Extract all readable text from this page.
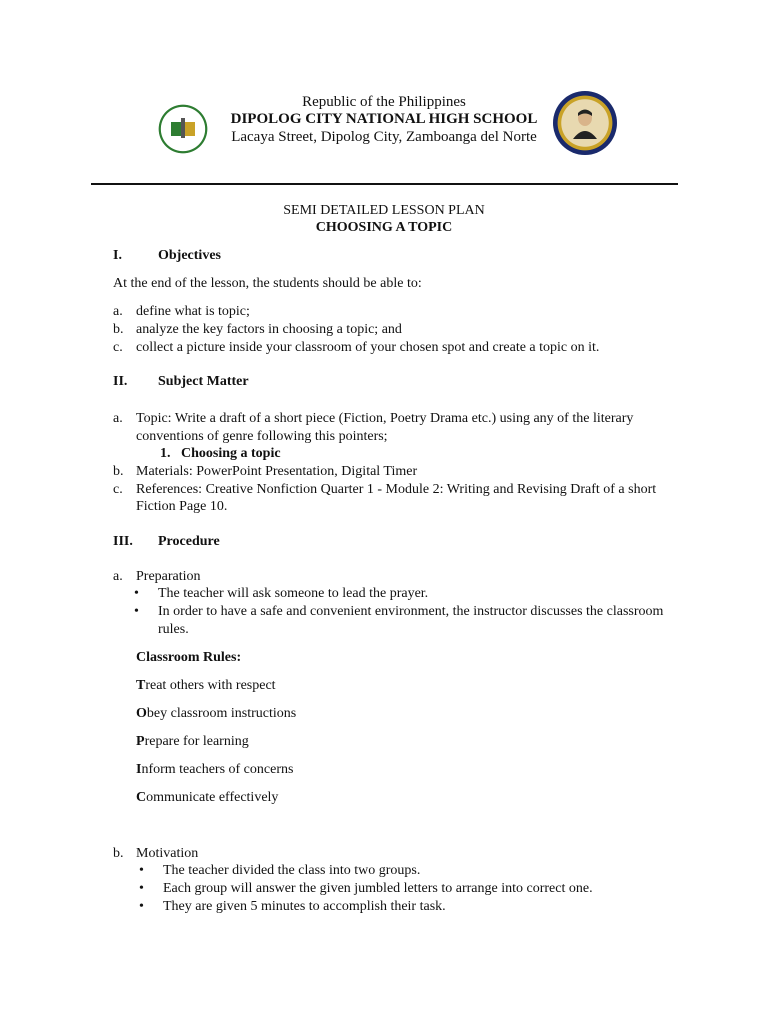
Republic of the Philippines
DIPOLOG CITY NATIONAL HIGH SCHOOL
Lacaya Street, Dipolog City, Zamboanga del Norte
SEMI DETAILED LESSON PLAN
CHOOSING A TOPIC
I.	Objectives
At the end of the lesson, the students should be able to:
a. define what is topic;
b. analyze the key factors in choosing a topic; and
c. collect a picture inside your classroom of your chosen spot and create a topic on it.
II. Subject Matter
a. Topic: Write a draft of a short piece (Fiction, Poetry Drama etc.) using any of the literary
conventions of genre following this pointers;
1. Choosing a topic
b. Materials: PowerPoint Presentation, Digital Timer
c. References: Creative Nonfiction Quarter 1 - Module 2: Writing and Revising Draft of a short
Fiction Page 10.
III. Procedure
a. Preparation
• The teacher will ask someone to lead the prayer.
• In order to have a safe and convenient environment, the instructor discusses the classroom
rules.
Classroom Rules:
Treat others with respect
Obey classroom instructions
Prepare for learning
Inform teachers of concerns
Communicate effectively
b. Motivation
• The teacher divided the class into two groups.
• Each group will answer the given jumbled letters to arrange into correct one.
• They are given 5 minutes to accomplish their task.
